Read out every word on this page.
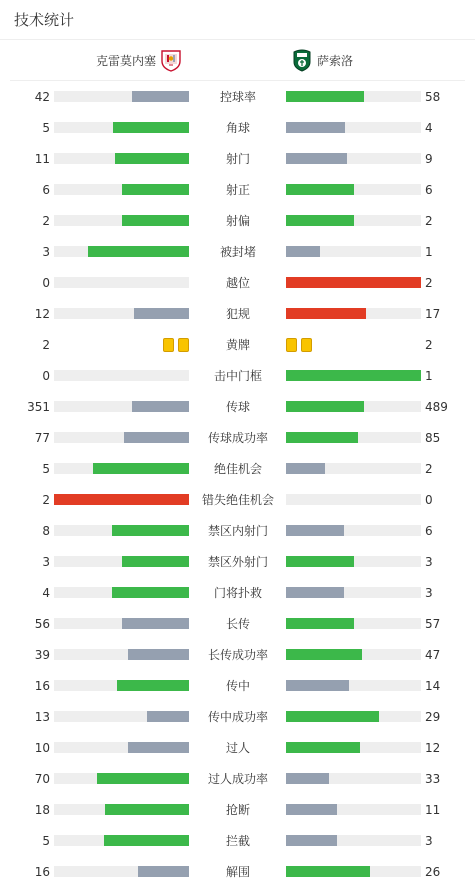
技术统计
克雷莫内塞	萨索洛
42	控球率	58
5	角球	4
11	射门	9
6	射正	6
2	射偏	2
3	被封堵	1
0	越位	2
12	犯规	17
2	黄牌	2
0	击中门框	1
351	传球	489
77	传球成功率	85
5	绝佳机会	2
2	错失绝佳机会	0
8	禁区内射门	6
3	禁区外射门	3
4	门将扑救	3
56	长传	57
39	长传成功率	47
16	传中	14
13	传中成功率	29
10	过人	12
70	过人成功率	33
18	抢断	11
5	拦截	3
16	解围	26
